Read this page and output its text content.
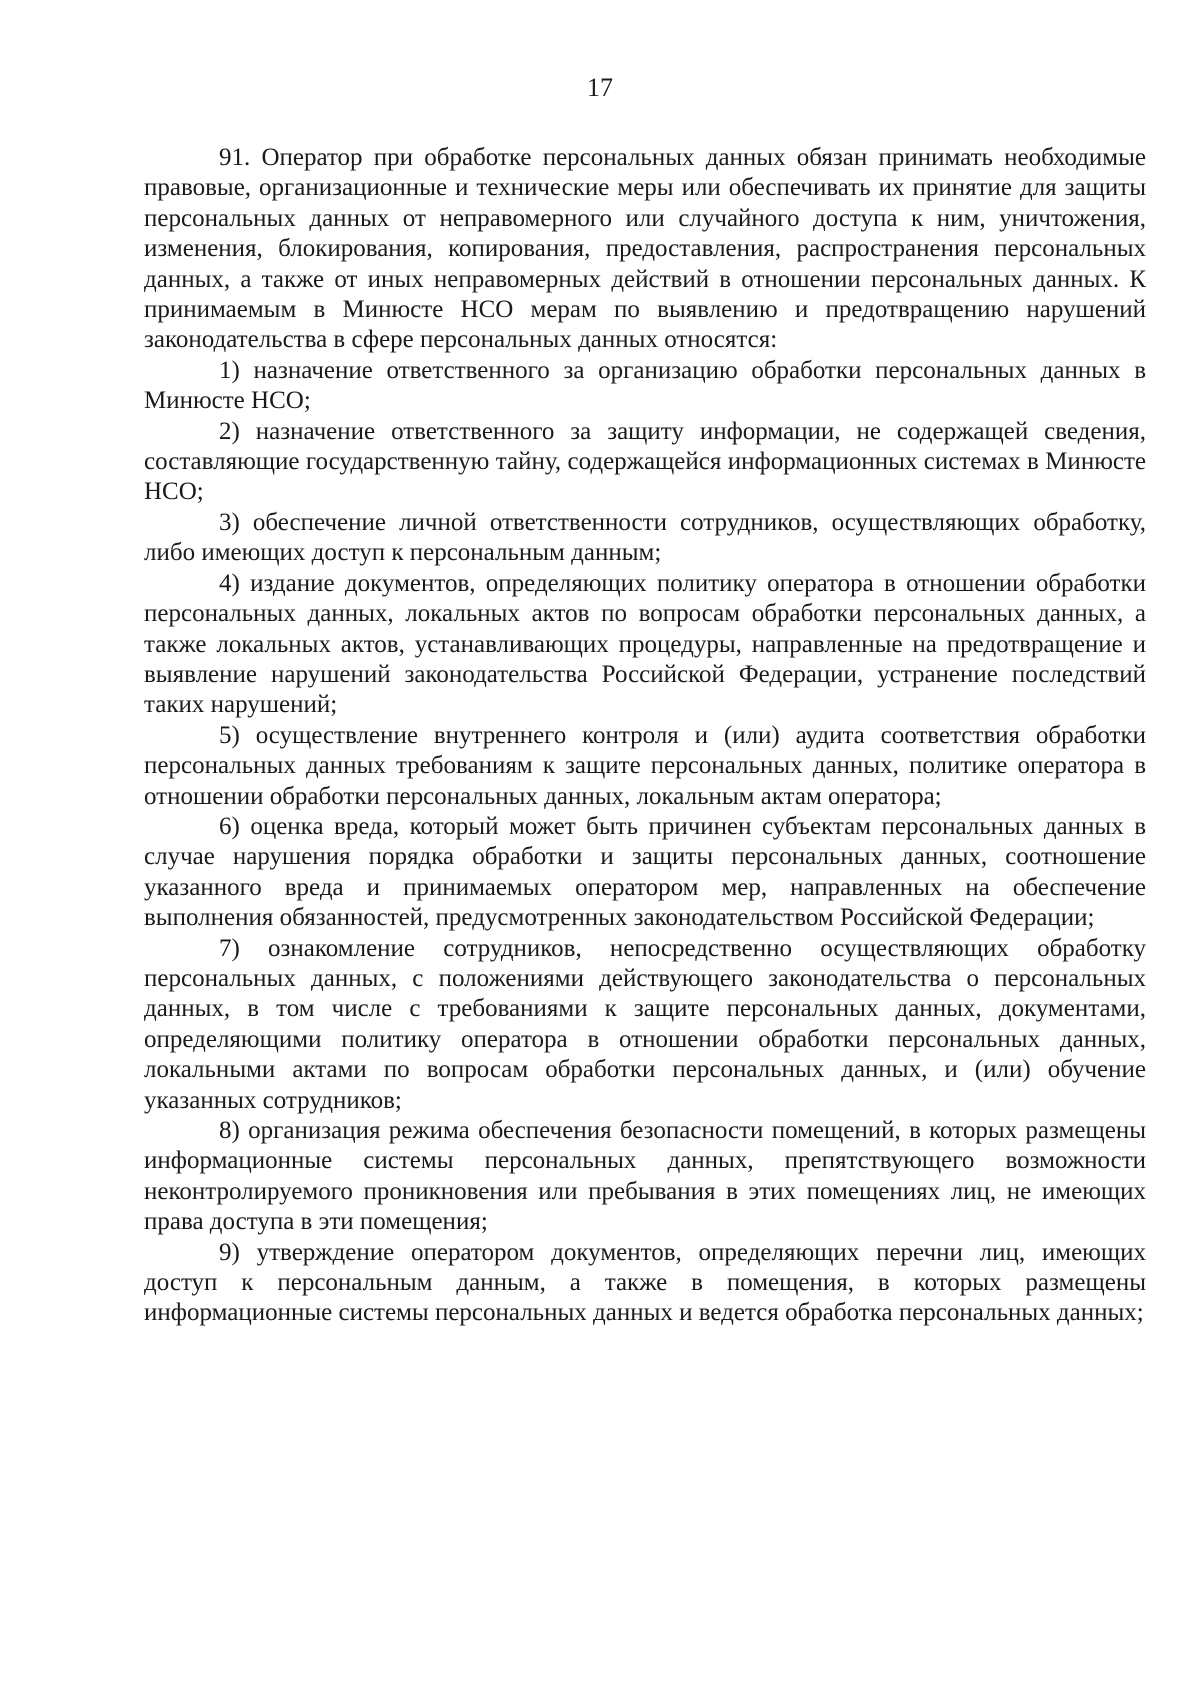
17

91. Оператор при обработке персональных данных обязан принимать необходимые правовые, организационные и технические меры или обеспечивать их принятие для защиты персональных данных от неправомерного или случайного доступа к ним, уничтожения, изменения, блокирования, копирования, предоставления, распространения персональных данных, а также от иных неправомерных действий в отношении персональных данных. К принимаемым в Минюсте НСО мерам по выявлению и предотвращению нарушений законодательства в сфере персональных данных относятся:

1) назначение ответственного за организацию обработки персональных данных в Минюсте НСО;

2) назначение ответственного за защиту информации, не содержащей сведения, составляющие государственную тайну, содержащейся информационных системах в Минюсте НСО;

3) обеспечение личной ответственности сотрудников, осуществляющих обработку, либо имеющих доступ к персональным данным;

4) издание документов, определяющих политику оператора в отношении обработки персональных данных, локальных актов по вопросам обработки персональных данных, а также локальных актов, устанавливающих процедуры, направленные на предотвращение и выявление нарушений законодательства Российской Федерации, устранение последствий таких нарушений;

5) осуществление внутреннего контроля и (или) аудита соответствия обработки персональных данных требованиям к защите персональных данных, политике оператора в отношении обработки персональных данных, локальным актам оператора;

6) оценка вреда, который может быть причинен субъектам персональных данных в случае нарушения порядка обработки и защиты персональных данных, соотношение указанного вреда и принимаемых оператором мер, направленных на обеспечение выполнения обязанностей, предусмотренных законодательством Российской Федерации;

7) ознакомление сотрудников, непосредственно осуществляющих обработку персональных данных, с положениями действующего законодательства о персональных данных, в том числе с требованиями к защите персональных данных, документами, определяющими политику оператора в отношении обработки персональных данных, локальными актами по вопросам обработки персональных данных, и (или) обучение указанных сотрудников;

8) организация режима обеспечения безопасности помещений, в которых размещены информационные системы персональных данных, препятствующего возможности неконтролируемого проникновения или пребывания в этих помещениях лиц, не имеющих права доступа в эти помещения;

9) утверждение оператором документов, определяющих перечни лиц, имеющих доступ к персональным данным, а также в помещения, в которых размещены информационные системы персональных данных и ведется обработка персональных данных;
